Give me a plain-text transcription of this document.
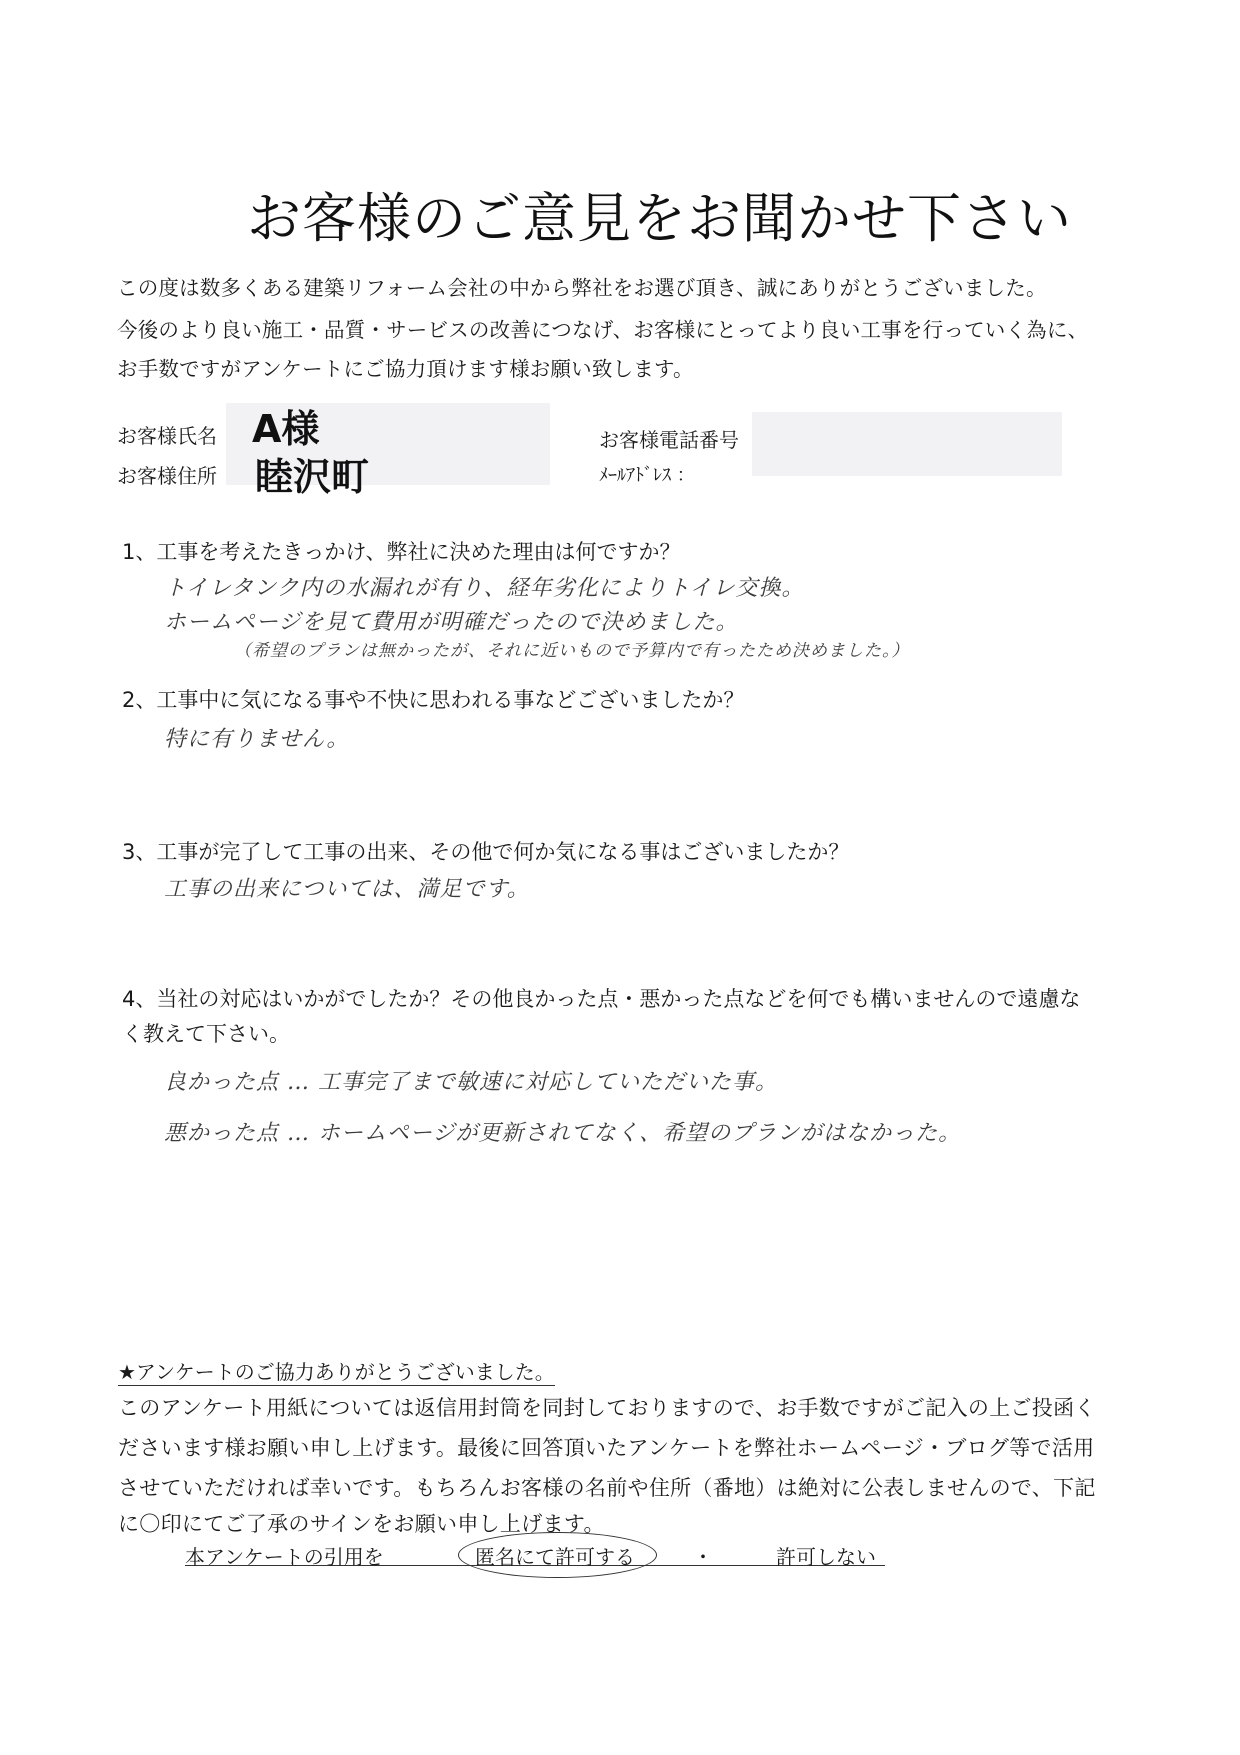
お客様のご意見をお聞かせ下さい
この度は数多くある建築リフォーム会社の中から弊社をお選び頂き、誠にありがとうございました。
今後のより良い施工・品質・サービスの改善につなげ、お客様にとってより良い工事を行っていく為に、
お手数ですがアンケートにご協力頂けます様お願い致します。
お客様氏名 A様
お客様住所 睦沢町
お客様電話番号
ﾒｰﾙｱﾄﾞﾚｽ ：
1、工事を考えたきっかけ、弊社に決めた理由は何ですか？
トイレタンク内の水漏れが有り、経年劣化によりトイレ交換。
ホームページを見て費用が明確だったので決めました。
（希望のプランは無かったが、それに近いもので予算内で有ったため決めました。）
2、工事中に気になる事や不快に思われる事などございましたか？
特に有りません。
3、工事が完了して工事の出来、その他で何か気になる事はございましたか？
工事の出来については、満足です。
4、当社の対応はいかがでしたか？その他良かった点・悪かった点などを何でも構いませんので遠慮な
く教えて下さい。
良かった点 … 工事完了まで敏速に対応していただいた事。
悪かった点 … ホームページが更新されてなく、希望のプランがはなかった。
★アンケートのご協力ありがとうございました。
このアンケート用紙については返信用封筒を同封しておりますので、お手数ですがご記入の上ご投函く
ださいます様お願い申し上げます。最後に回答頂いたアンケートを弊社ホームページ・ブログ等で活用
させていただければ幸いです。もちろんお客様の名前や住所（番地）は絶対に公表しませんので、下記
に〇印にてご了承のサインをお願い申し上げます。
本アンケートの引用を	匿名にて許可する	・	許可しない
